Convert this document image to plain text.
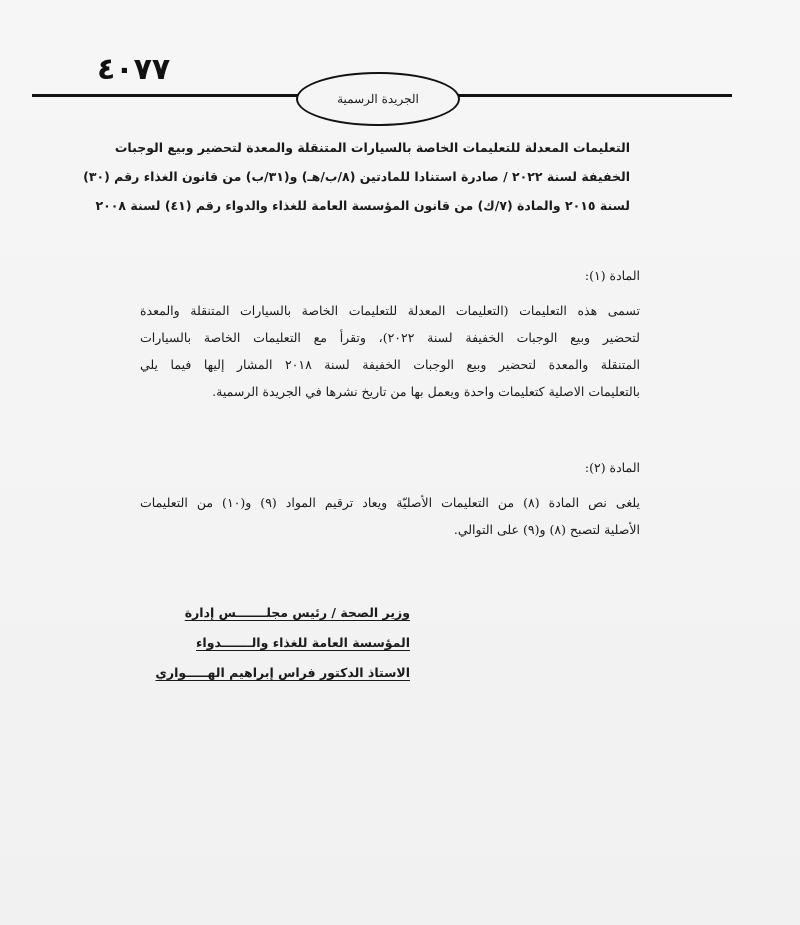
٤٠٧٧
الجريدة الرسمية
التعليمات المعدلة للتعليمات الخاصة بالسيارات المتنقلة والمعدة لتحضير وبيع الوجبات
الخفيفة لسنة ٢٠٢٢ / صادرة استنادا للمادتين (٨/ب/هـ) و(٣١/ب) من قانون الغذاء رقم (٣٠)
لسنة ٢٠١٥ والمادة (٧/ك) من قانون المؤسسة العامة للغذاء والدواء رقم (٤١) لسنة ٢٠٠٨
المادة (١):
تسمى هذه التعليمات (التعليمات المعدلة للتعليمات الخاصة بالسيارات المتنقلة والمعدة
لتحضير وبيع الوجبات الخفيفة لسنة ٢٠٢٢)، وتقرأ مع التعليمات الخاصة بالسيارات
المتنقلة والمعدة لتحضير وبيع الوجبات الخفيفة لسنة ٢٠١٨ المشار إليها فيما يلي
بالتعليمات الاصلية كتعليمات واحدة ويعمل بها من تاريخ نشرها في الجريدة الرسمية.
المادة (٢):
يلغى نص المادة (٨) من التعليمات الأصليّة ويعاد ترقيم المواد (٩) و(١٠) من التعليمات
الأصلية لتصبح (٨) و(٩) على التوالي.
وزير الصحة / رئيس مجلـــــــس إدارة
المؤسسة العامة للغذاء والـــــــدواء
الاستاذ الدكتور فراس إبراهيم الهـــــواري
